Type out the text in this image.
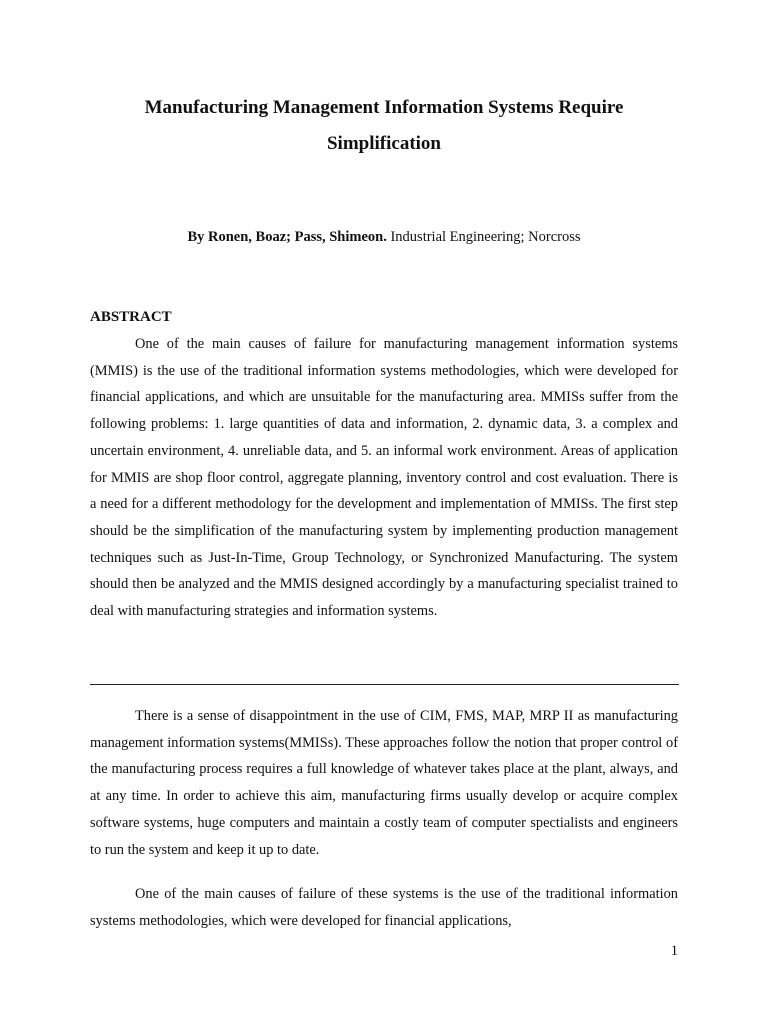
Manufacturing Management Information Systems Require Simplification
By Ronen, Boaz; Pass, Shimeon. Industrial Engineering; Norcross
ABSTRACT

One of the main causes of failure for manufacturing management information systems (MMIS) is the use of the traditional information systems methodologies, which were developed for financial applications, and which are unsuitable for the manufacturing area. MMISs suffer from the following problems: 1. large quantities of data and information, 2. dynamic data, 3. a complex and uncertain environment, 4. unreliable data, and 5. an informal work environment. Areas of application for MMIS are shop floor control, aggregate planning, inventory control and cost evaluation. There is a need for a different methodology for the development and implementation of MMISs. The first step should be the simplification of the manufacturing system by implementing production management techniques such as Just-In-Time, Group Technology, or Synchronized Manufacturing. The system should then be analyzed and the MMIS designed accordingly by a manufacturing specialist trained to deal with manufacturing strategies and information systems.

There is a sense of disappointment in the use of CIM, FMS, MAP, MRP II as manufacturing management information systems(MMISs). These approaches follow the notion that proper control of the manufacturing process requires a full knowledge of whatever takes place at the plant, always, and at any time. In order to achieve this aim, manufacturing firms usually develop or acquire complex software systems, huge computers and maintain a costly team of computer spectialists and engineers to run the system and keep it up to date.

One of the main causes of failure of these systems is the use of the traditional information systems methodologies, which were developed for financial applications,

1
